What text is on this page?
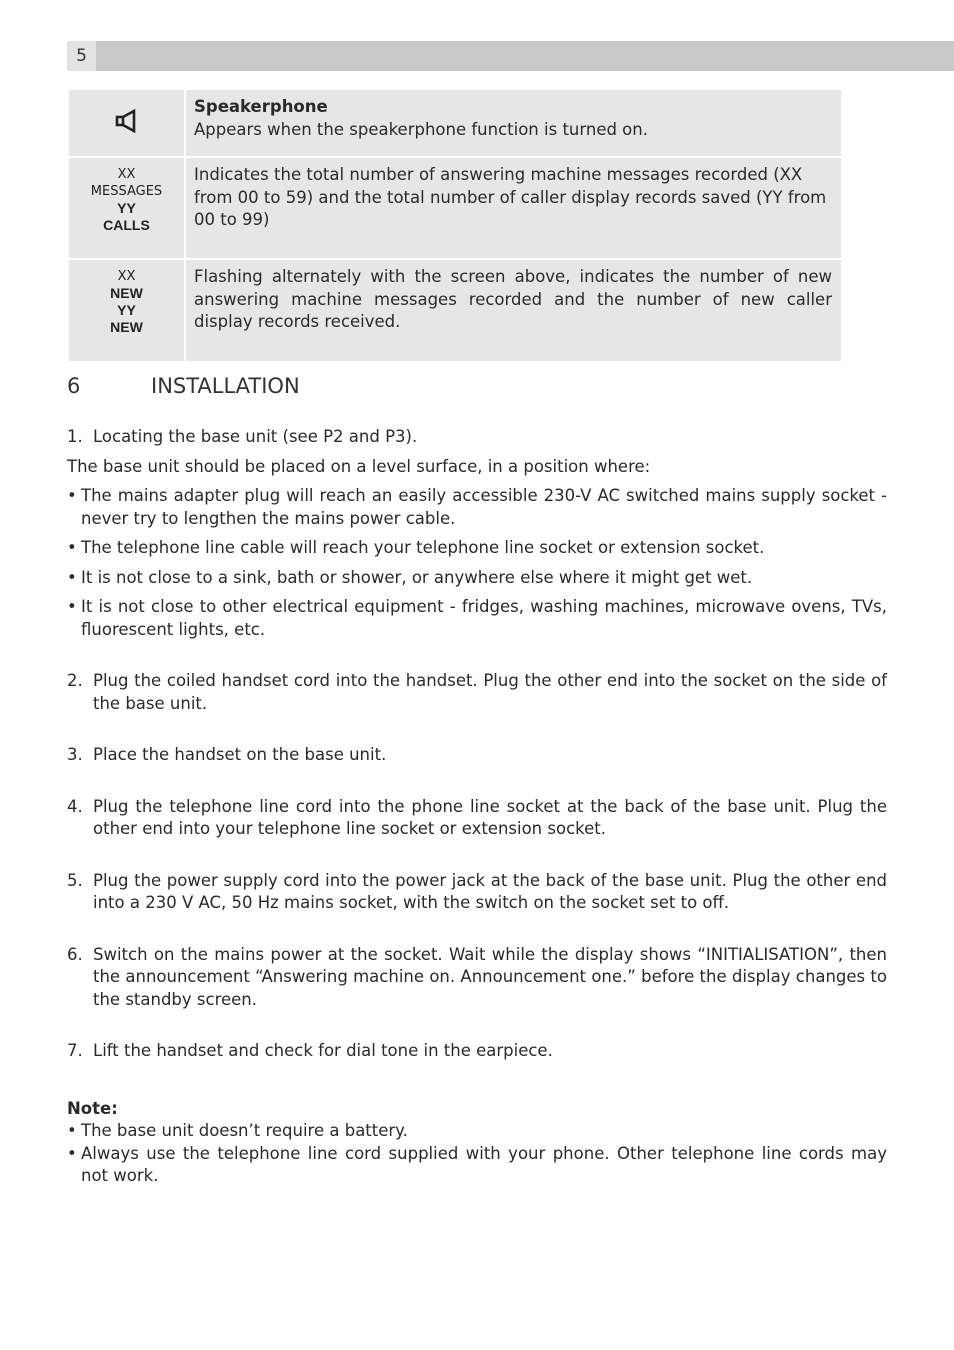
5

Speakerphone
Appears when the speakerphone function is turned on.

XX
MESSAGES
YY
CALLS	Indicates the total number of answering machine messages recorded (XX from 00 to 59) and the total number of caller display records saved (YY from 00 to 99)

XX
NEW
YY
NEW	Flashing alternately with the screen above, indicates the number of new answering machine messages recorded and the number of new caller display records received.
6	INSTALLATION
1. Locating the base unit (see P2 and P3).

The base unit should be placed on a level surface, in a position where:

• The mains adapter plug will reach an easily accessible 230-V AC switched mains supply socket - never try to lengthen the mains power cable.
• The telephone line cable will reach your telephone line socket or extension socket.
• It is not close to a sink, bath or shower, or anywhere else where it might get wet.
• It is not close to other electrical equipment - fridges, washing machines, microwave ovens, TVs, fluorescent lights, etc.
2. Plug the coiled handset cord into the handset. Plug the other end into the socket on the side of the base unit.
3. Place the handset on the base unit.
4. Plug the telephone line cord into the phone line socket at the back of the base unit. Plug the other end into your telephone line socket or extension socket.
5. Plug the power supply cord into the power jack at the back of the base unit. Plug the other end into a 230 V AC, 50 Hz mains socket, with the switch on the socket set to off.
6. Switch on the mains power at the socket. Wait while the display shows “INITIALISATION”, then the announcement “Answering machine on. Announcement one.” before the display changes to the standby screen.
7. Lift the handset and check for dial tone in the earpiece.
Note:
• The base unit doesn’t require a battery.
• Always use the telephone line cord supplied with your phone. Other telephone line cords may not work.
